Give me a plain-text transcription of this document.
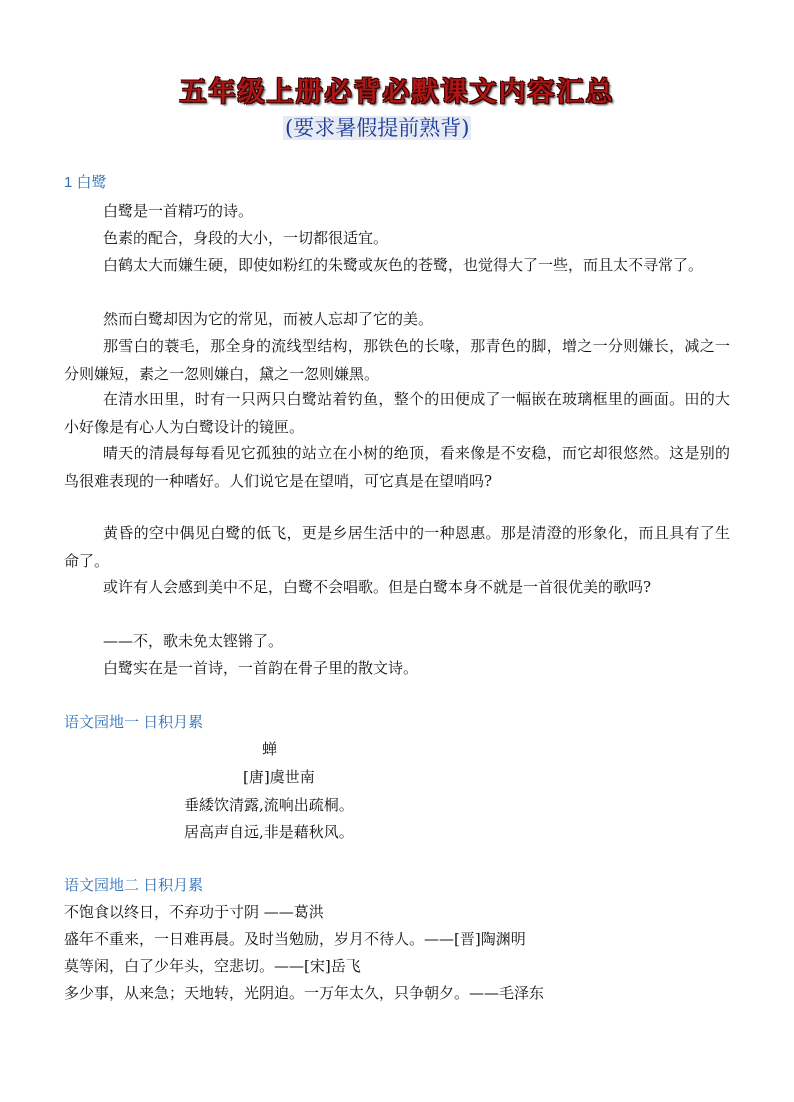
五年级上册必背必默课文内容汇总
(要求暑假提前熟背)
1 白鹭

白鹭是一首精巧的诗。

色素的配合，身段的大小，一切都很适宜。

白鹤太大而嫌生硬，即使如粉红的朱鹭或灰色的苍鹭，也觉得大了一些，而且太不寻常了。

然而白鹭却因为它的常见，而被人忘却了它的美。

那雪白的蓑毛，那全身的流线型结构，那铁色的长喙，那青色的脚，增之一分则嫌长，减之一分则嫌短，素之一忽则嫌白，黛之一忽则嫌黑。

在清水田里，时有一只两只白鹭站着钓鱼，整个的田便成了一幅嵌在玻璃框里的画面。田的大小好像是有心人为白鹭设计的镜匣。

晴天的清晨每每看见它孤独的站立在小树的绝顶，看来像是不安稳，而它却很悠然。这是别的鸟很难表现的一种嗜好。人们说它是在望哨，可它真是在望哨吗?

黄昏的空中偶见白鹭的低飞，更是乡居生活中的一种恩惠。那是清澄的形象化，而且具有了生命了。

或许有人会感到美中不足，白鹭不会唱歌。但是白鹭本身不就是一首很优美的歌吗?

——不，歌未免太铿锵了。

白鹭实在是一首诗，一首韵在骨子里的散文诗。

语文园地一 日积月累
蝉
[唐]虞世南
垂緌饮清露,流响出疏桐。
居高声自远,非是藉秋风。
语文园地二 日积月累
不饱食以终日，不弃功于寸阴 ——葛洪
盛年不重来，一日难再晨。及时当勉励，岁月不待人。——[晋]陶渊明
莫等闲，白了少年头，空悲切。——[宋]岳飞
多少事，从来急；天地转，光阴迫。一万年太久，只争朝夕。——毛泽东
